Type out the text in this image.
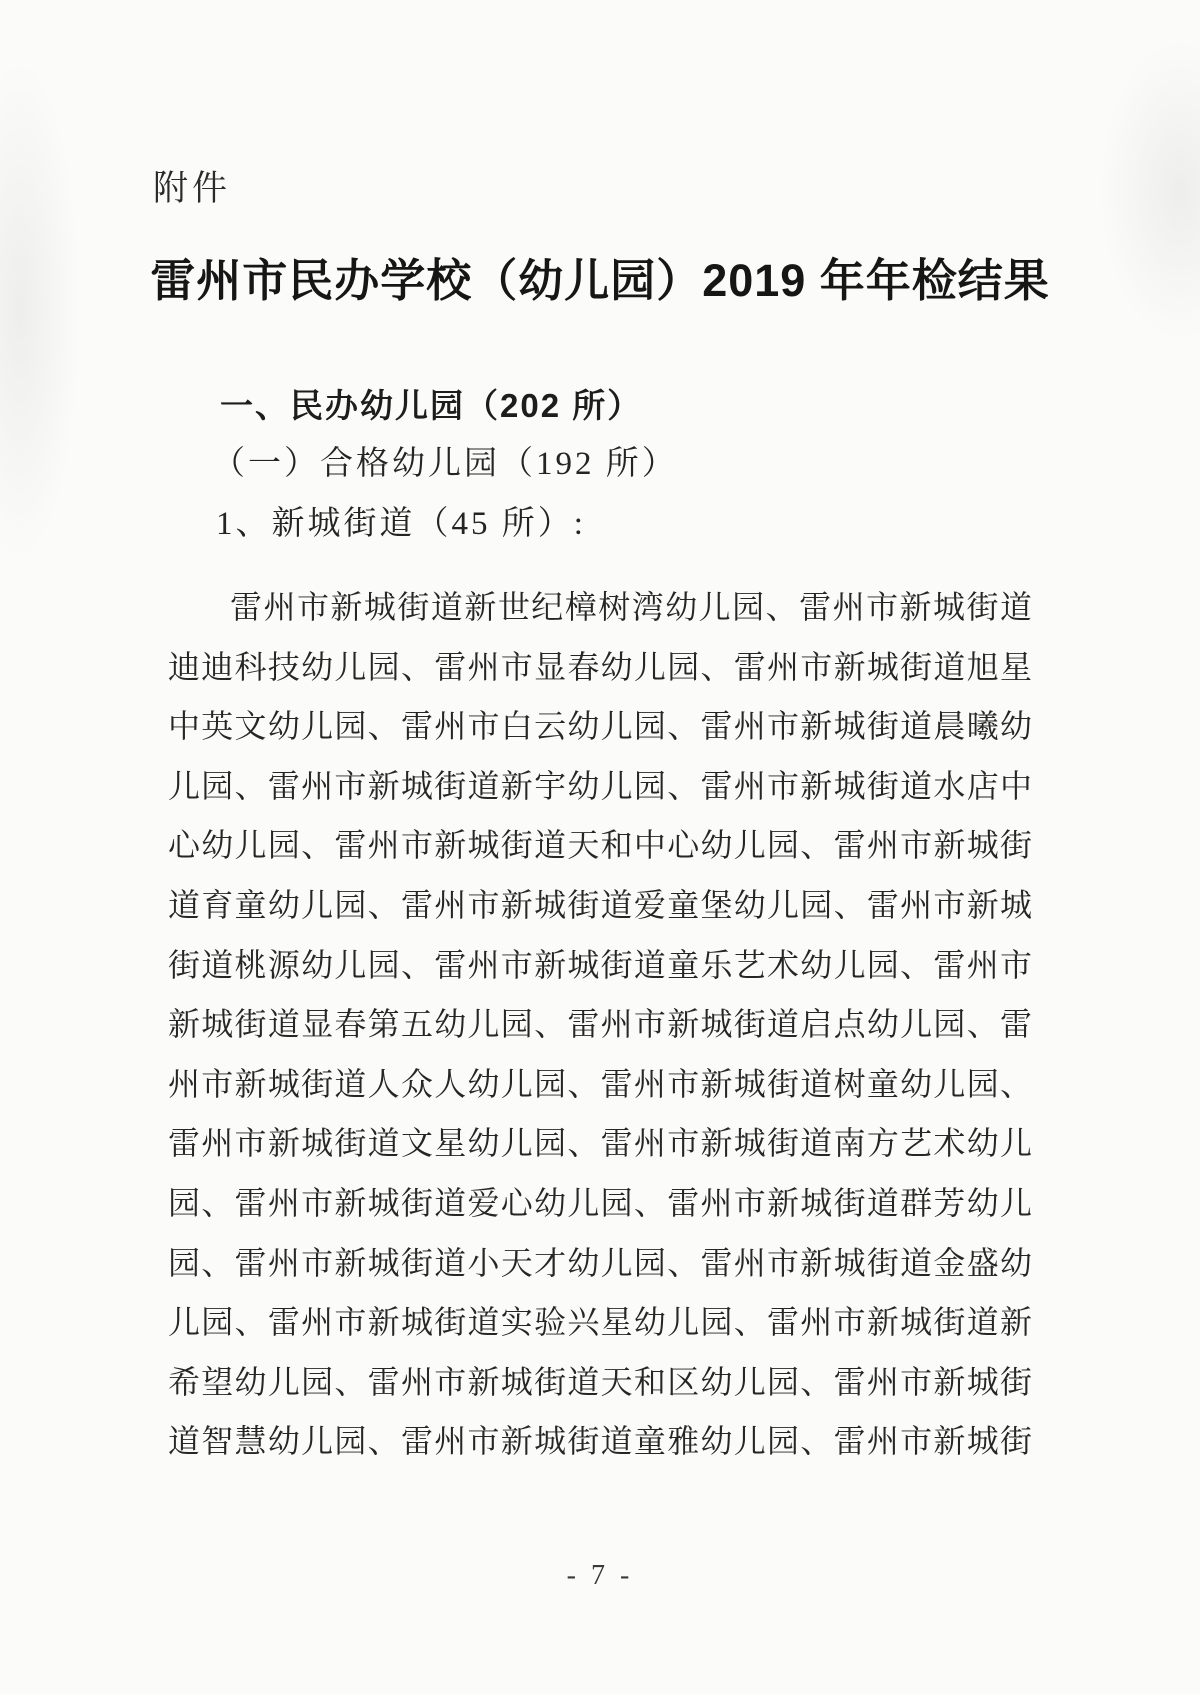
附件
雷州市民办学校（幼儿园）2019 年年检结果
一、民办幼儿园（202 所）
（一）合格幼儿园（192 所）
1、新城街道（45 所）:
雷州市新城街道新世纪樟树湾幼儿园、雷州市新城街道
迪迪科技幼儿园、雷州市显春幼儿园、雷州市新城街道旭星
中英文幼儿园、雷州市白云幼儿园、雷州市新城街道晨曦幼
儿园、雷州市新城街道新宇幼儿园、雷州市新城街道水店中
心幼儿园、雷州市新城街道天和中心幼儿园、雷州市新城街
道育童幼儿园、雷州市新城街道爱童堡幼儿园、雷州市新城
街道桃源幼儿园、雷州市新城街道童乐艺术幼儿园、雷州市
新城街道显春第五幼儿园、雷州市新城街道启点幼儿园、雷
州市新城街道人众人幼儿园、雷州市新城街道树童幼儿园、
雷州市新城街道文星幼儿园、雷州市新城街道南方艺术幼儿
园、雷州市新城街道爱心幼儿园、雷州市新城街道群芳幼儿
园、雷州市新城街道小天才幼儿园、雷州市新城街道金盛幼
儿园、雷州市新城街道实验兴星幼儿园、雷州市新城街道新
希望幼儿园、雷州市新城街道天和区幼儿园、雷州市新城街
道智慧幼儿园、雷州市新城街道童雅幼儿园、雷州市新城街
- 7 -
